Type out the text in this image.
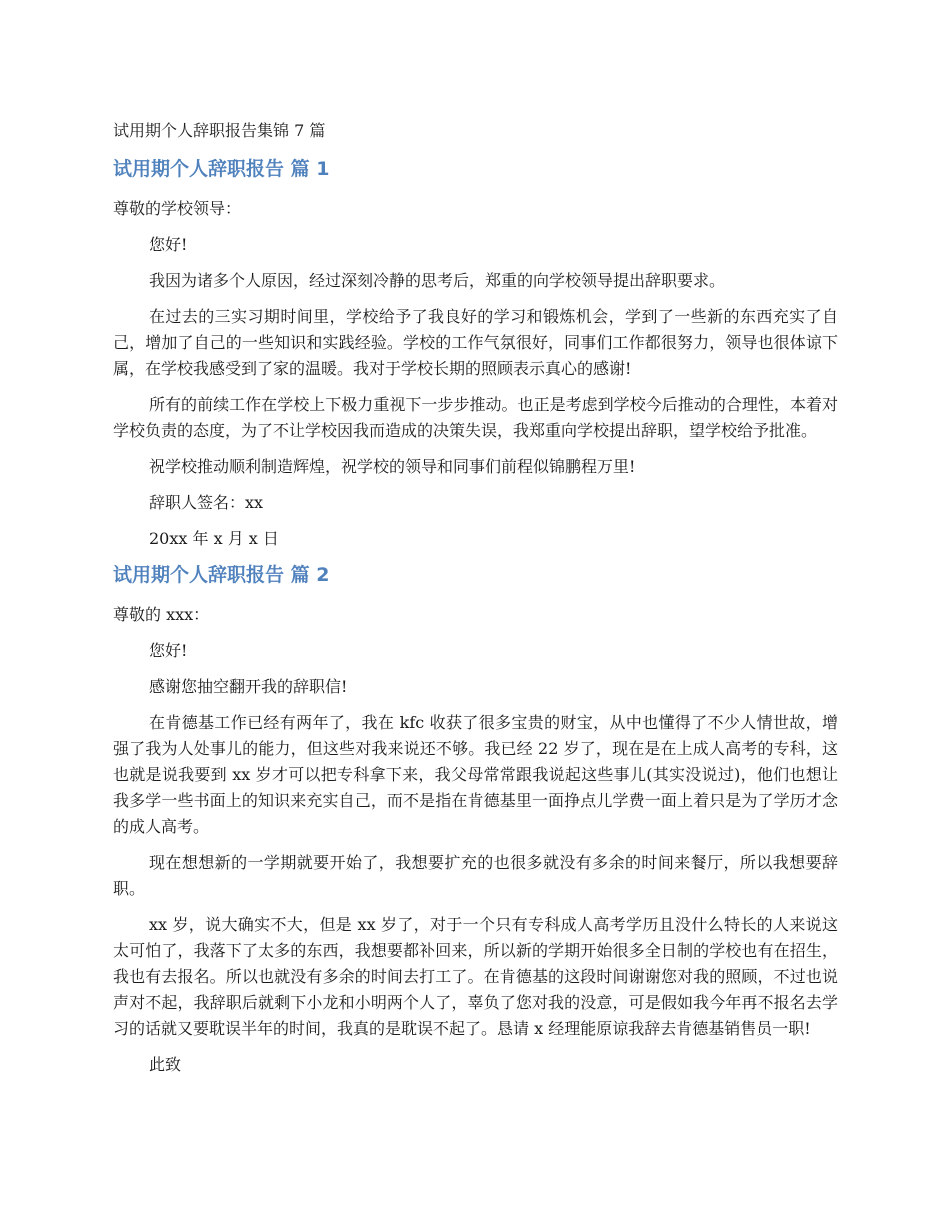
试用期个人辞职报告集锦 7 篇
试用期个人辞职报告 篇 1

尊敬的学校领导：

您好!

我因为诸多个人原因，经过深刻冷静的思考后，郑重的向学校领导提出辞职要求。

在过去的三实习期时间里，学校给予了我良好的学习和锻炼机会，学到了一些新的东西充实了自己，增加了自己的一些知识和实践经验。学校的工作气氛很好，同事们工作都很努力，领导也很体谅下属，在学校我感受到了家的温暖。我对于学校长期的照顾表示真心的感谢!

所有的前续工作在学校上下极力重视下一步步推动。也正是考虑到学校今后推动的合理性，本着对学校负责的态度，为了不让学校因我而造成的决策失误，我郑重向学校提出辞职，望学校给予批准。

祝学校推动顺利制造辉煌，祝学校的领导和同事们前程似锦鹏程万里!

辞职人签名：xx

20xx 年 x 月 x 日

试用期个人辞职报告 篇 2

尊敬的 xxx：

您好!

感谢您抽空翻开我的辞职信!

在肯德基工作已经有两年了，我在 kfc 收获了很多宝贵的财宝，从中也懂得了不少人情世故，增强了我为人处事儿的能力，但这些对我来说还不够。我已经 22 岁了，现在是在上成人高考的专科，这也就是说我要到 xx 岁才可以把专科拿下来，我父母常常跟我说起这些事儿(其实没说过)，他们也想让我多学一些书面上的知识来充实自己，而不是指在肯德基里一面挣点儿学费一面上着只是为了学历才念的成人高考。

现在想想新的一学期就要开始了，我想要扩充的也很多就没有多余的时间来餐厅，所以我想要辞职。

xx 岁，说大确实不大，但是 xx 岁了，对于一个只有专科成人高考学历且没什么特长的人来说这太可怕了，我落下了太多的东西，我想要都补回来，所以新的学期开始很多全日制的学校也有在招生，我也有去报名。所以也就没有多余的时间去打工了。在肯德基的这段时间谢谢您对我的照顾，不过也说声对不起，我辞职后就剩下小龙和小明两个人了，辜负了您对我的没意，可是假如我今年再不报名去学习的话就又要耽误半年的时间，我真的是耽误不起了。恳请 x 经理能原谅我辞去肯德基销售员一职!

此致
